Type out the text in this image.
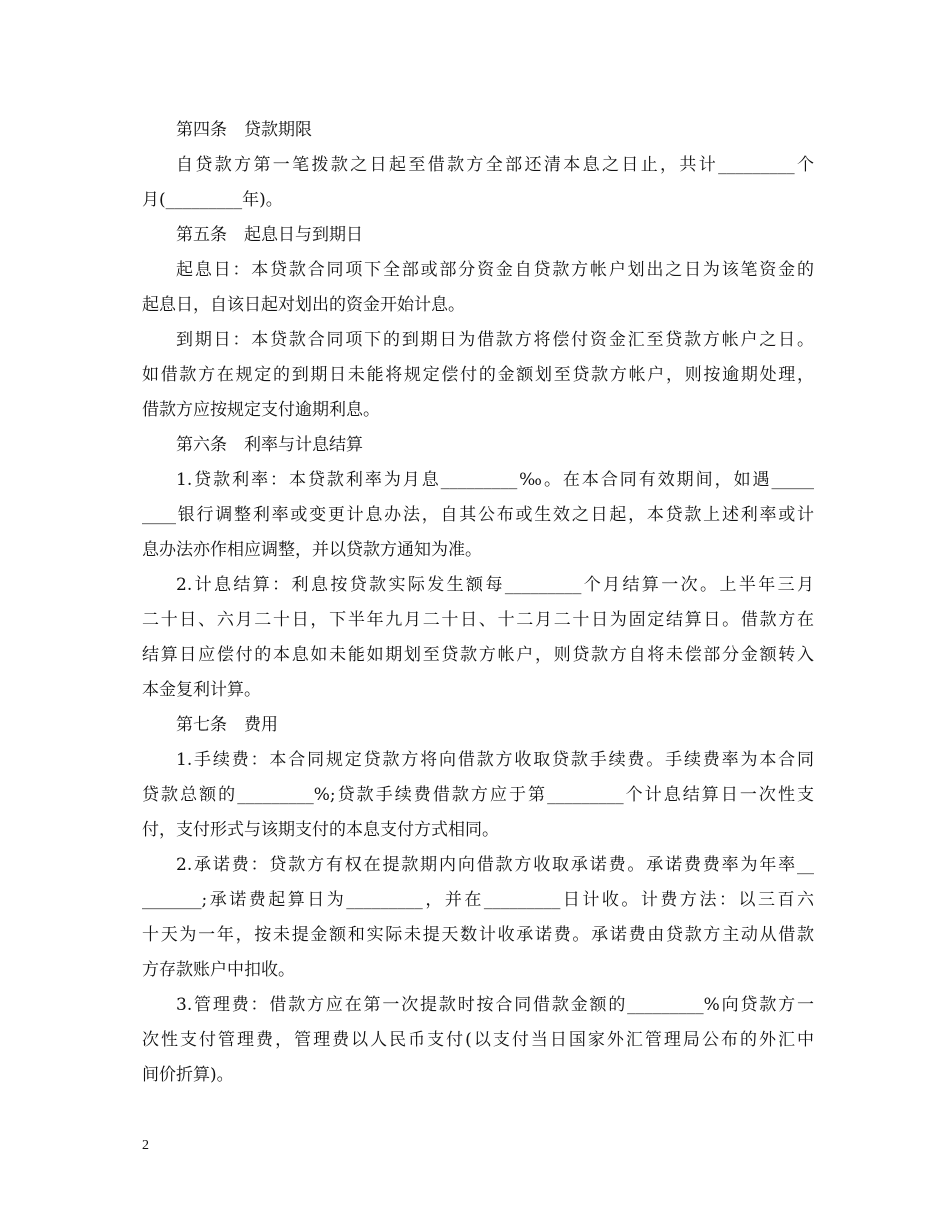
第四条　贷款期限
自贷款方第一笔拨款之日起至借款方全部还清本息之日止，共计_________个
月(_________年)。
第五条　起息日与到期日
起息日：本贷款合同项下全部或部分资金自贷款方帐户划出之日为该笔资金的
起息日，自该日起对划出的资金开始计息。
到期日：本贷款合同项下的到期日为借款方将偿付资金汇至贷款方帐户之日。
如借款方在规定的到期日未能将规定偿付的金额划至贷款方帐户，则按逾期处理，
借款方应按规定支付逾期利息。
第六条　利率与计息结算
1.贷款利率：本贷款利率为月息_________‰。在本合同有效期间，如遇_____
____银行调整利率或变更计息办法，自其公布或生效之日起，本贷款上述利率或计
息办法亦作相应调整，并以贷款方通知为准。
2.计息结算：利息按贷款实际发生额每_________个月结算一次。上半年三月
二十日、六月二十日，下半年九月二十日、十二月二十日为固定结算日。借款方在
结算日应偿付的本息如未能如期划至贷款方帐户，则贷款方自将未偿部分金额转入
本金复利计算。
第七条　费用
1.手续费：本合同规定贷款方将向借款方收取贷款手续费。手续费率为本合同
贷款总额的_________%;贷款手续费借款方应于第_________个计息结算日一次性支
付，支付形式与该期支付的本息支付方式相同。
2.承诺费：贷款方有权在提款期内向借款方收取承诺费。承诺费费率为年率__
_______;承诺费起算日为_________，并在_________日计收。计费方法：以三百六
十天为一年，按未提金额和实际未提天数计收承诺费。承诺费由贷款方主动从借款
方存款账户中扣收。
3.管理费：借款方应在第一次提款时按合同借款金额的_________%向贷款方一
次性支付管理费，管理费以人民币支付(以支付当日国家外汇管理局公布的外汇中
间价折算)。
2
